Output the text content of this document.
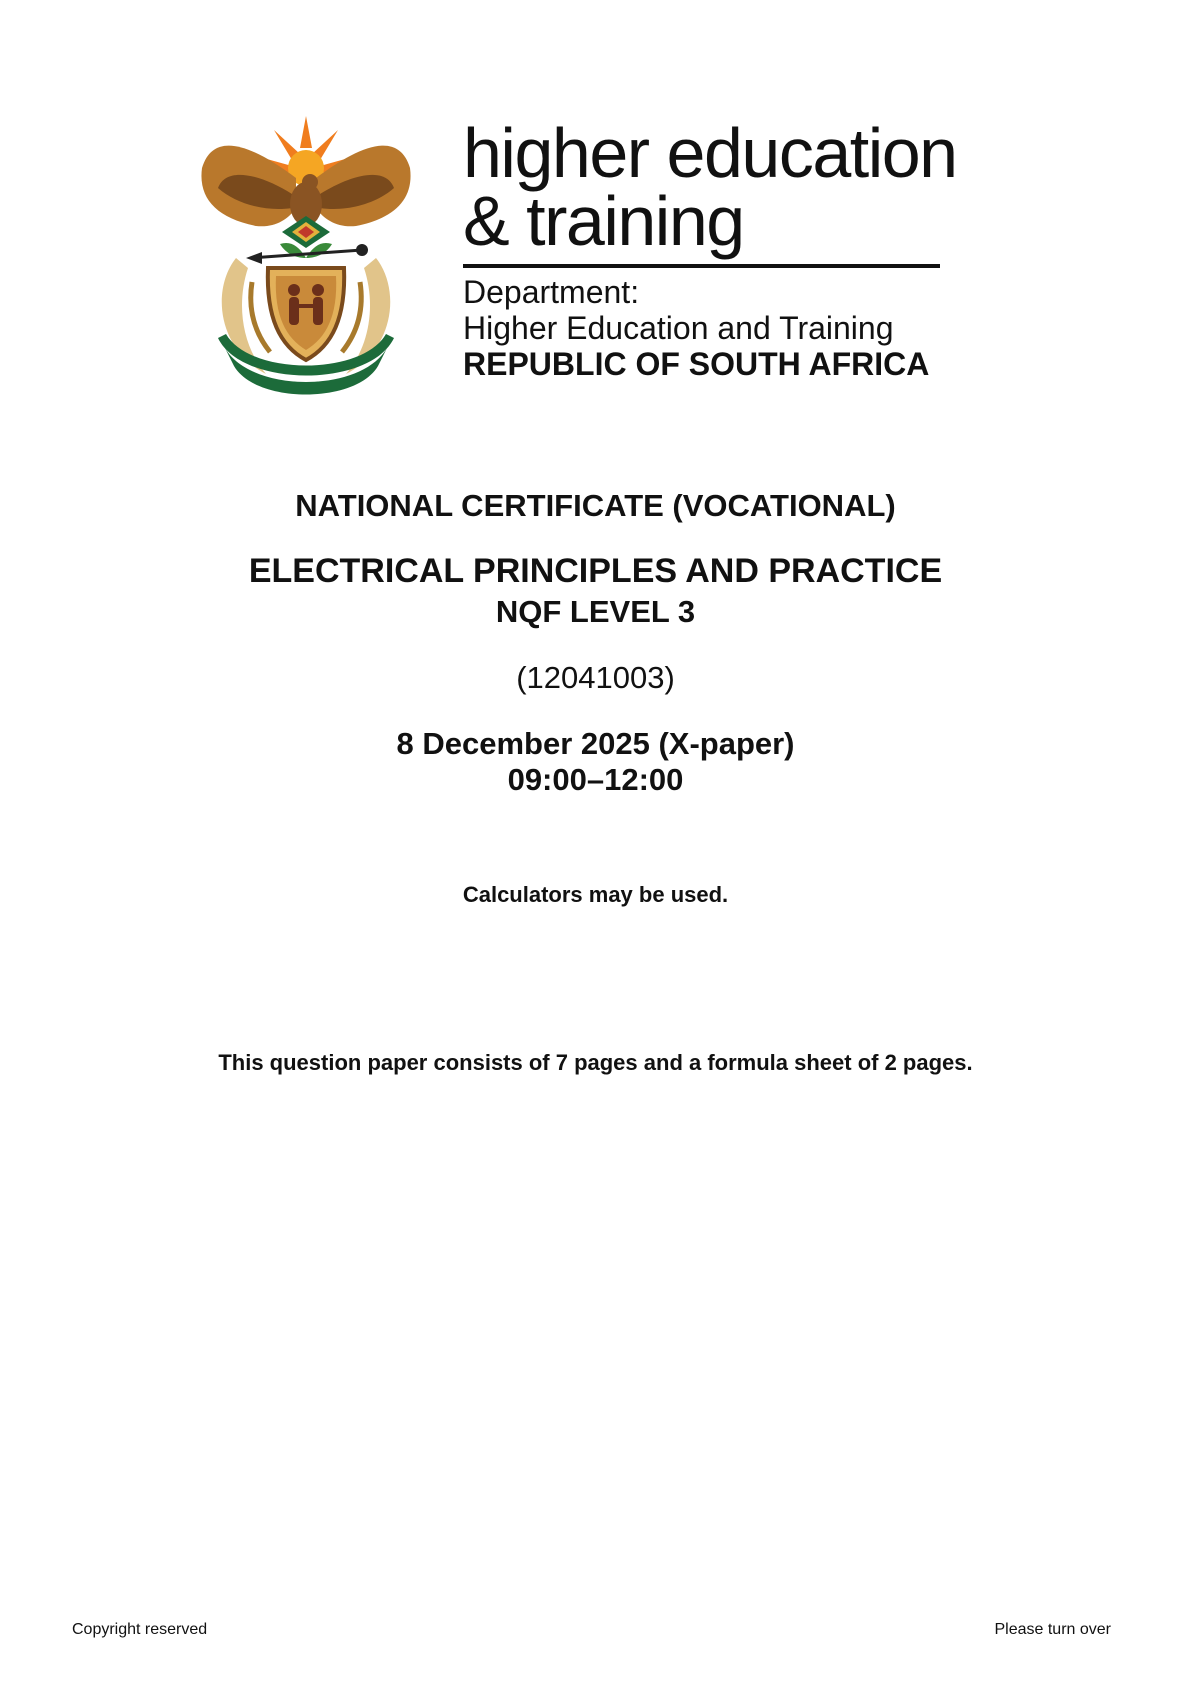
higher education
& training
Department:
Higher Education and Training
REPUBLIC OF SOUTH AFRICA
NATIONAL CERTIFICATE (VOCATIONAL)
ELECTRICAL PRINCIPLES AND PRACTICE
NQF LEVEL 3
(12041003)
8 December 2025 (X-paper)
09:00–12:00
Calculators may be used.
This question paper consists of 7 pages and a formula sheet of 2 pages.
Copyright reserved	Please turn over
